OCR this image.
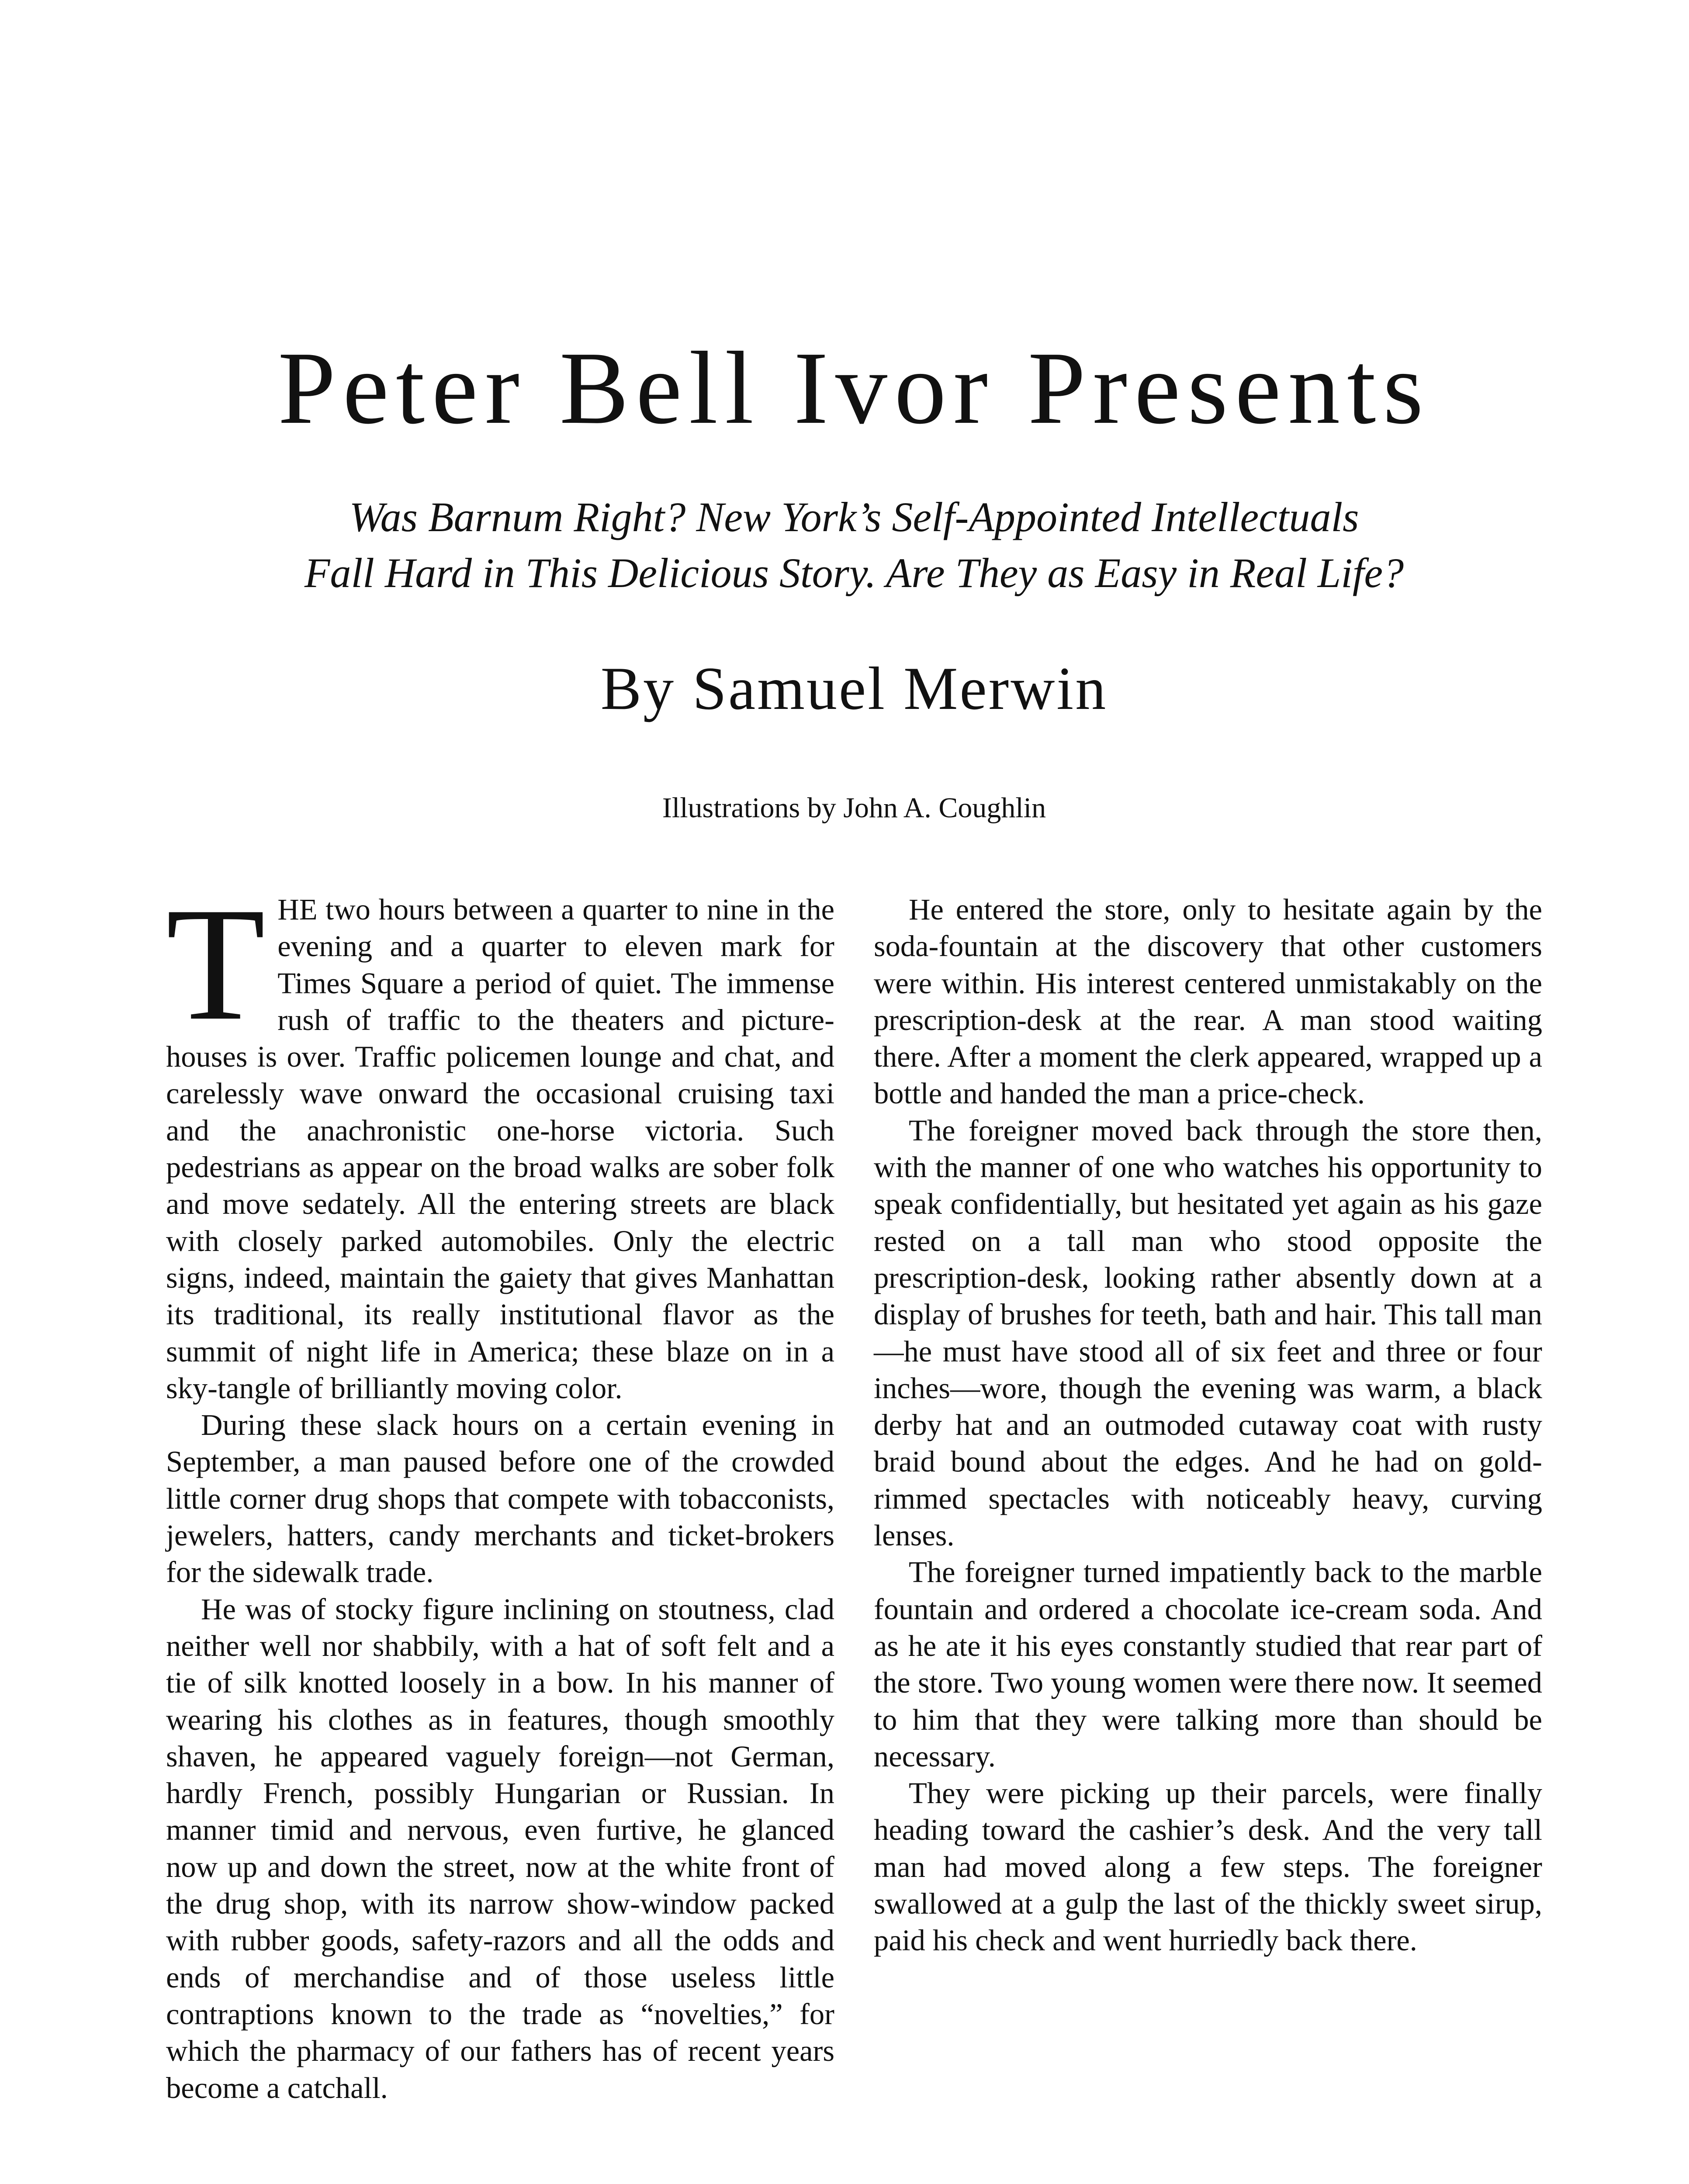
Peter Bell Ivor Presents
Was Barnum Right? New York’s Self-Appointed Intellectuals
Fall Hard in This Delicious Story. Are They as Easy in Real Life?
By Samuel Merwin
Illustrations by John A. Coughlin

THE two hours between a quarter to nine in the evening and a quarter to eleven mark for Times Square a period of quiet. The immense rush of traffic to the theaters and picture-houses is over. Traffic policemen lounge and chat, and carelessly wave onward the occasional cruising taxi and the anachronistic one-horse victoria. Such pedestrians as appear on the broad walks are sober folk and move sedately. All the entering streets are black with closely parked automobiles. Only the electric signs, indeed, maintain the gaiety that gives Manhattan its traditional, its really institutional flavor as the summit of night life in America; these blaze on in a sky-tangle of brilliantly moving color.

During these slack hours on a certain evening in September, a man paused before one of the crowded little corner drug shops that compete with tobacconists, jewelers, hatters, candy merchants and ticket-brokers for the sidewalk trade.

He was of stocky figure inclining on stoutness, clad neither well nor shabbily, with a hat of soft felt and a tie of silk knotted loosely in a bow. In his manner of wearing his clothes as in features, though smoothly shaven, he appeared vaguely foreign—not German, hardly French, possibly Hungarian or Russian. In manner timid and nervous, even furtive, he glanced now up and down the street, now at the white front of the drug shop, with its narrow show-window packed with rubber goods, safety-razors and all the odds and ends of merchandise and of those useless little contraptions known to the trade as “novelties,” for which the pharmacy of our fathers has of recent years become a catchall.

He entered the store, only to hesitate again by the soda-fountain at the discovery that other customers were within. His interest centered unmistakably on the prescription-desk at the rear. A man stood waiting there. After a moment the clerk appeared, wrapped up a bottle and handed the man a price-check.

The foreigner moved back through the store then, with the manner of one who watches his opportunity to speak confidentially, but hesitated yet again as his gaze rested on a tall man who stood opposite the prescription-desk, looking rather absently down at a display of brushes for teeth, bath and hair. This tall man—he must have stood all of six feet and three or four inches—wore, though the evening was warm, a black derby hat and an outmoded cutaway coat with rusty braid bound about the edges. And he had on gold-rimmed spectacles with noticeably heavy, curving lenses.

The foreigner turned impatiently back to the marble fountain and ordered a chocolate ice-cream soda. And as he ate it his eyes constantly studied that rear part of the store. Two young women were there now. It seemed to him that they were talking more than should be necessary.

They were picking up their parcels, were finally heading toward the cashier’s desk. And the very tall man had moved along a few steps. The foreigner swallowed at a gulp the last of the thickly sweet sirup, paid his check and went hurriedly back there.
